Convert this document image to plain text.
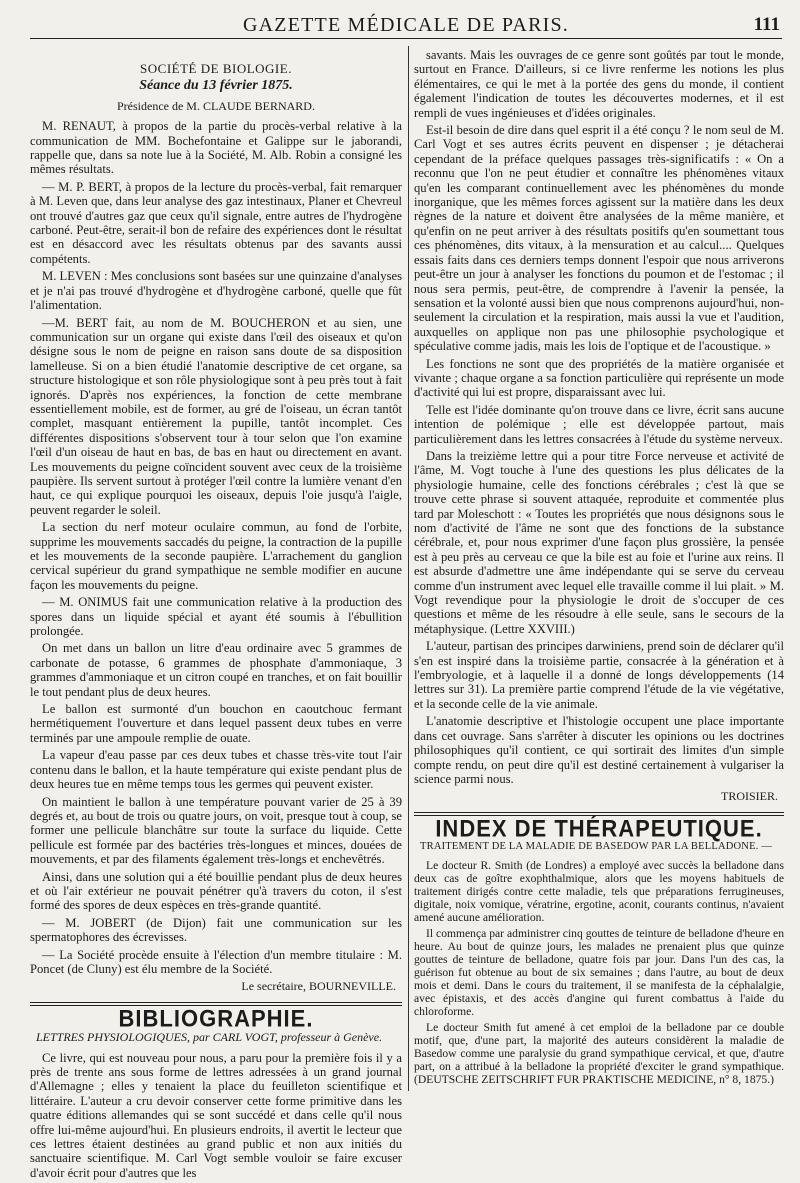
GAZETTE MÉDICALE DE PARIS.	111
SOCIÉTÉ DE BIOLOGIE.
Séance du 13 février 1875.
Présidence de M. CLAUDE BERNARD.

M. RENAUT, à propos de la partie du procès-verbal relative à la communication de MM. Bochefontaine et Galippe sur le jaborandi, rappelle que, dans sa note lue à la Société, M. Alb. Robin a consigné les mêmes résultats.

— M. P. BERT, à propos de la lecture du procès-verbal, fait remarquer à M. Leven que, dans leur analyse des gaz intestinaux, Planer et Chevreul ont trouvé d'autres gaz que ceux qu'il signale, entre autres de l'hydrogène carboné. Peut-être, serait-il bon de refaire des expériences dont le résultat est en désaccord avec les résultats obtenus par des savants aussi compétents.

M. LEVEN : Mes conclusions sont basées sur une quinzaine d'analyses et je n'ai pas trouvé d'hydrogène et d'hydrogène carboné, quelle que fût l'alimentation.

—M. BERT fait, au nom de M. BOUCHERON et au sien, une communication sur un organe qui existe dans l'œil des oiseaux et qu'on désigne sous le nom de peigne en raison sans doute de sa disposition lamelleuse. Si on a bien étudié l'anatomie descriptive de cet organe, sa structure histologique et son rôle physiologique sont à peu près tout à fait ignorés. D'après nos expériences, la fonction de cette membrane essentiellement mobile, est de former, au gré de l'oiseau, un écran tantôt complet, masquant entièrement la pupille, tantôt incomplet. Ces différentes dispositions s'observent tour à tour selon que l'on examine l'œil d'un oiseau de haut en bas, de bas en haut ou directement en avant. Les mouvements du peigne coïncident souvent avec ceux de la troisième paupière. Ils servent surtout à protéger l'œil contre la lumière venant d'en haut, ce qui explique pourquoi les oiseaux, depuis l'oie jusqu'à l'aigle, peuvent regarder le soleil.

La section du nerf moteur oculaire commun, au fond de l'orbite, supprime les mouvements saccadés du peigne, la contraction de la pupille et les mouvements de la seconde paupière. L'arrachement du ganglion cervical supérieur du grand sympathique ne semble modifier en aucune façon les mouvements du peigne.

— M. ONIMUS fait une communication relative à la production des spores dans un liquide spécial et ayant été soumis à l'ébullition prolongée.

On met dans un ballon un litre d'eau ordinaire avec 5 grammes de carbonate de potasse, 6 grammes de phosphate d'ammoniaque, 3 grammes d'ammoniaque et un citron coupé en tranches, et on fait bouillir le tout pendant plus de deux heures.

Le ballon est surmonté d'un bouchon en caoutchouc fermant hermétiquement l'ouverture et dans lequel passent deux tubes en verre terminés par une ampoule remplie de ouate.

La vapeur d'eau passe par ces deux tubes et chasse très-vite tout l'air contenu dans le ballon, et la haute température qui existe pendant plus de deux heures tue en même temps tous les germes qui peuvent exister.

On maintient le ballon à une température pouvant varier de 25 à 39 degrés et, au bout de trois ou quatre jours, on voit, presque tout à coup, se former une pellicule blanchâtre sur toute la surface du liquide. Cette pellicule est formée par des bactéries très-longues et minces, douées de mouvements, et par des filaments également très-longs et enchevêtrés.

Ainsi, dans une solution qui a été bouillie pendant plus de deux heures et où l'air extérieur ne pouvait pénétrer qu'à travers du coton, il s'est formé des spores de deux espèces en très-grande quantité.

— M. JOBERT (de Dijon) fait une communication sur les spermatophores des écrevisses.

— La Société procède ensuite à l'élection d'un membre titulaire : M. Poncet (de Cluny) est élu membre de la Société.

Le secrétaire, BOURNEVILLE.
BIBLIOGRAPHIE.
LETTRES PHYSIOLOGIQUES, par CARL VOGT, professeur à Genève.

Ce livre, qui est nouveau pour nous, a paru pour la première fois il y a près de trente ans sous forme de lettres adressées à un grand journal d'Allemagne ; elles y tenaient la place du feuilleton scientifique et littéraire. L'auteur a cru devoir conserver cette forme primitive dans les quatre éditions allemandes qui se sont succédé et dans celle qu'il nous offre lui-même aujourd'hui. En plusieurs endroits, il avertit le lecteur que ces lettres étaient destinées au grand public et non aux initiés du sanctuaire scientifique. M. Carl Vogt semble vouloir se faire excuser d'avoir écrit pour d'autres que les

savants. Mais les ouvrages de ce genre sont goûtés par tout le monde, surtout en France. D'ailleurs, si ce livre renferme les notions les plus élémentaires, ce qui le met à la portée des gens du monde, il contient également l'indication de toutes les découvertes modernes, et il est rempli de vues ingénieuses et d'idées originales.

Est-il besoin de dire dans quel esprit il a été conçu ? le nom seul de M. Carl Vogt et ses autres écrits peuvent en dispenser ; je détacherai cependant de la préface quelques passages très-significatifs : « On a reconnu que l'on ne peut étudier et connaître les phénomènes vitaux qu'en les comparant continuellement avec les phénomènes du monde inorganique, que les mêmes forces agissent sur la matière dans les deux règnes de la nature et doivent être analysées de la même manière, et qu'enfin on ne peut arriver à des résultats positifs qu'en soumettant tous ces phénomènes, dits vitaux, à la mensuration et au calcul.... Quelques essais faits dans ces derniers temps donnent l'espoir que nous arriverons peut-être un jour à analyser les fonctions du poumon et de l'estomac ; il nous sera permis, peut-être, de comprendre à l'avenir la pensée, la sensation et la volonté aussi bien que nous comprenons aujourd'hui, non-seulement la circulation et la respiration, mais aussi la vue et l'audition, auxquelles on applique non pas une philosophie psychologique et spéculative comme jadis, mais les lois de l'optique et de l'acoustique. »

Les fonctions ne sont que des propriétés de la matière organisée et vivante ; chaque organe a sa fonction particulière qui représente un mode d'activité qui lui est propre, disparaissant avec lui.

Telle est l'idée dominante qu'on trouve dans ce livre, écrit sans aucune intention de polémique ; elle est développée partout, mais particulièrement dans les lettres consacrées à l'étude du système nerveux.

Dans la treizième lettre qui a pour titre Force nerveuse et activité de l'âme, M. Vogt touche à l'une des questions les plus délicates de la physiologie humaine, celle des fonctions cérébrales ; c'est là que se trouve cette phrase si souvent attaquée, reproduite et commentée plus tard par Moleschott : « Toutes les propriétés que nous désignons sous le nom d'activité de l'âme ne sont que des fonctions de la substance cérébrale, et, pour nous exprimer d'une façon plus grossière, la pensée est à peu près au cerveau ce que la bile est au foie et l'urine aux reins. Il est absurde d'admettre une âme indépendante qui se serve du cerveau comme d'un instrument avec lequel elle travaille comme il lui plait. » M. Vogt revendique pour la physiologie le droit de s'occuper de ces questions et même de les résoudre à elle seule, sans le secours de la métaphysique. (Lettre XXVIII.)

L'auteur, partisan des principes darwiniens, prend soin de déclarer qu'il s'en est inspiré dans la troisième partie, consacrée à la génération et à l'embryologie, et à laquelle il a donné de longs développements (14 lettres sur 31). La première partie comprend l'étude de la vie végétative, et la seconde celle de la vie animale.

L'anatomie descriptive et l'histologie occupent une place importante dans cet ouvrage. Sans s'arrêter à discuter les opinions ou les doctrines philosophiques qu'il contient, ce qui sortirait des limites d'un simple compte rendu, on peut dire qu'il est destiné certainement à vulgariser la science parmi nous.

TROISIER.
INDEX DE THÉRAPEUTIQUE.

TRAITEMENT DE LA MALADIE DE BASEDOW PAR LA BELLADONE. —

Le docteur R. Smith (de Londres) a employé avec succès la belladone dans deux cas de goître exophthalmique, alors que les moyens habituels de traitement dirigés contre cette maladie, tels que préparations ferrugineuses, digitale, noix vomique, vératrine, ergotine, aconit, courants continus, n'avaient amené aucune amélioration.

Il commença par administrer cinq gouttes de teinture de belladone d'heure en heure. Au bout de quinze jours, les malades ne prenaient plus que quinze gouttes de teinture de belladone, quatre fois par jour. Dans l'un des cas, la guérison fut obtenue au bout de six semaines ; dans l'autre, au bout de deux mois et demi. Dans le cours du traitement, il se manifesta de la céphalalgie, avec épistaxis, et des accès d'angine qui furent combattus à l'aide du chloroforme.

Le docteur Smith fut amené à cet emploi de la belladone par ce double motif, que, d'une part, la majorité des auteurs considèrent la maladie de Basedow comme une paralysie du grand sympathique cervical, et que, d'autre part, on a attribué à la belladone la propriété d'exciter le grand sympathique. (DEUTSCHE ZEITSCHRIFT FUR PRAKTISCHE MEDICINE, n° 8, 1875.)
